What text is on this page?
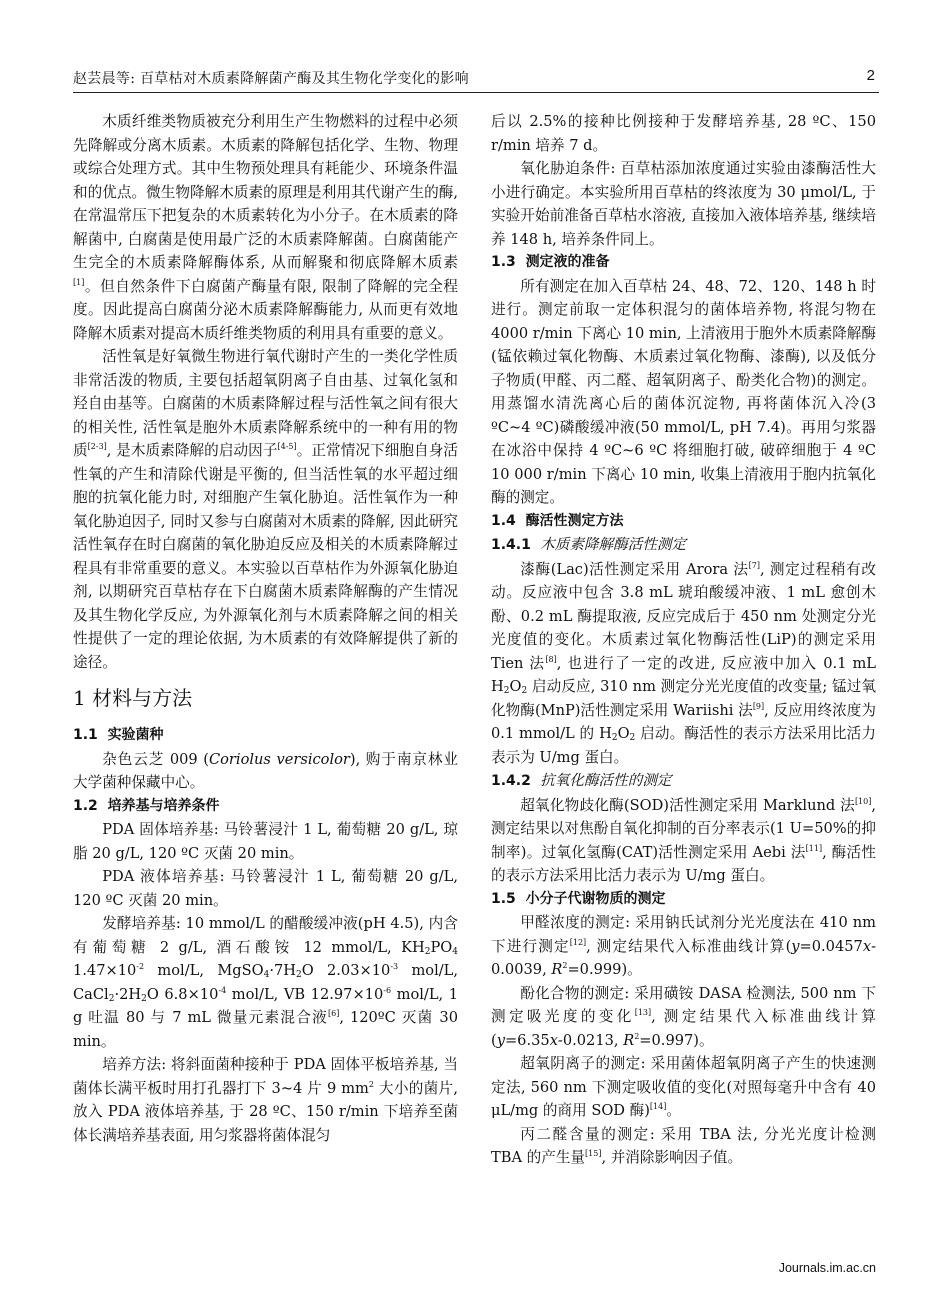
赵芸晨等: 百草枯对木质素降解菌产酶及其生物化学变化的影响	2

木质纤维类物质被充分利用生产生物燃料的过程中必须先降解或分离木质素。木质素的降解包括化学、生物、物理或综合处理方式。其中生物预处理具有耗能少、环境条件温和的优点。微生物降解木质素的原理是利用其代谢产生的酶, 在常温常压下把复杂的木质素转化为小分子。在木质素的降解菌中, 白腐菌是使用最广泛的木质素降解菌。白腐菌能产生完全的木质素降解酶体系, 从而解聚和彻底降解木质素[1]。但自然条件下白腐菌产酶量有限, 限制了降解的完全程度。因此提高白腐菌分泌木质素降解酶能力, 从而更有效地降解木质素对提高木质纤维类物质的利用具有重要的意义。

活性氧是好氧微生物进行氧代谢时产生的一类化学性质非常活泼的物质, 主要包括超氧阴离子自由基、过氧化氢和羟自由基等。白腐菌的木质素降解过程与活性氧之间有很大的相关性, 活性氧是胞外木质素降解系统中的一种有用的物质[2-3], 是木质素降解的启动因子[4-5]。正常情况下细胞自身活性氧的产生和清除代谢是平衡的, 但当活性氧的水平超过细胞的抗氧化能力时, 对细胞产生氧化胁迫。活性氧作为一种氧化胁迫因子, 同时又参与白腐菌对木质素的降解, 因此研究活性氧存在时白腐菌的氧化胁迫反应及相关的木质素降解过程具有非常重要的意义。本实验以百草枯作为外源氧化胁迫剂, 以期研究百草枯存在下白腐菌木质素降解酶的产生情况及其生物化学反应, 为外源氧化剂与木质素降解之间的相关性提供了一定的理论依据, 为木质素的有效降解提供了新的途径。

1 材料与方法
1.1 实验菌种

杂色云芝 009 (Coriolus versicolor), 购于南京林业大学菌种保藏中心。

1.2 培养基与培养条件

PDA 固体培养基: 马铃薯浸汁 1 L, 葡萄糖 20 g/L, 琼脂 20 g/L, 120 ºC 灭菌 20 min。

PDA 液体培养基: 马铃薯浸汁 1 L, 葡萄糖 20 g/L, 120 ºC 灭菌 20 min。

发酵培养基: 10 mmol/L 的醋酸缓冲液(pH 4.5), 内含有葡萄糖 2 g/L, 酒石酸铵 12 mmol/L, $KH_2PO_4$ $1.47\times 10^{-2}$ mol/L, $MgSO_4\cdot 7H_2O$ $2.03\times 10^{-3}$ mol/L, $CaCl_2\cdot 2H_2O$ $6.8\times 10^{-4}$ mol/L, VB $12.97\times 10^{-6}$ mol/L, 1 g 吐温 80 与 7 mL 微量元素混合液[6], 120ºC 灭菌 30 min。

培养方法: 将斜面菌种接种于 PDA 固体平板培养基, 当菌体长满平板时用打孔器打下 3~4 片 9 $mm^2$ 大小的菌片, 放入 PDA 液体培养基, 于 28 ºC、150 r/min 下培养至菌体长满培养基表面, 用匀浆器将菌体混匀

后以 2.5%的接种比例接种于发酵培养基, 28 ºC、150 r/min 培养 7 d。

氧化胁迫条件: 百草枯添加浓度通过实验由漆酶活性大小进行确定。本实验所用百草枯的终浓度为 30 μmol/L, 于实验开始前准备百草枯水溶液, 直接加入液体培养基, 继续培养 148 h, 培养条件同上。

1.3 测定液的准备

所有测定在加入百草枯 24、48、72、120、148 h 时进行。测定前取一定体积混匀的菌体培养物, 将混匀物在 4000 r/min 下离心 10 min, 上清液用于胞外木质素降解酶(锰依赖过氧化物酶、木质素过氧化物酶、漆酶), 以及低分子物质(甲醛、丙二醛、超氧阴离子、酚类化合物)的测定。用蒸馏水清洗离心后的菌体沉淀物, 再将菌体沉入冷(3 ºC~4 ºC)磷酸缓冲液(50 mmol/L, pH 7.4)。再用匀浆器在冰浴中保持 4 ºC~6 ºC 将细胞打破, 破碎细胞于 4 ºC 10 000 r/min 下离心 10 min, 收集上清液用于胞内抗氧化酶的测定。

1.4 酶活性测定方法
1.4.1 木质素降解酶活性测定

漆酶(Lac)活性测定采用 Arora 法[7], 测定过程稍有改动。反应液中包含 3.8 mL 琥珀酸缓冲液、1 mL 愈创木酚、0.2 mL 酶提取液, 反应完成后于 450 nm 处测定分光光度值的变化。木质素过氧化物酶活性(LiP)的测定采用 Tien 法[8], 也进行了一定的改进, 反应液中加入 0.1 mL $H_2O_2$ 启动反应, 310 nm 测定分光光度值的改变量; 锰过氧化物酶(MnP)活性测定采用 Wariishi 法[9], 反应用终浓度为 0.1 mmol/L 的 $H_2O_2$ 启动。酶活性的表示方法采用比活力表示为 U/mg 蛋白。

1.4.2 抗氧化酶活性的测定

超氧化物歧化酶(SOD)活性测定采用 Marklund 法[10], 测定结果以对焦酚自氧化抑制的百分率表示(1 U=50%的抑制率)。过氧化氢酶(CAT)活性测定采用 Aebi 法[11], 酶活性的表示方法采用比活力表示为 U/mg 蛋白。

1.5 小分子代谢物质的测定

甲醛浓度的测定: 采用钠氏试剂分光光度法在 410 nm 下进行测定[12], 测定结果代入标准曲线计算(y=0.0457x-0.0039, $R^2=0.999$)。

酚化合物的测定: 采用磺铵 DASA 检测法, 500 nm 下测定吸光度的变化[13], 测定结果代入标准曲线计算 (y=6.35x-0.0213, $R^2=0.997$)。

超氧阴离子的测定: 采用菌体超氧阴离子产生的快速测定法, 560 nm 下测定吸收值的变化(对照每毫升中含有 40 μL/mg 的商用 SOD 酶)[14]。

丙二醛含量的测定: 采用 TBA 法, 分光光度计检测 TBA 的产生量[15], 并消除影响因子值。

Journals.im.ac.cn
